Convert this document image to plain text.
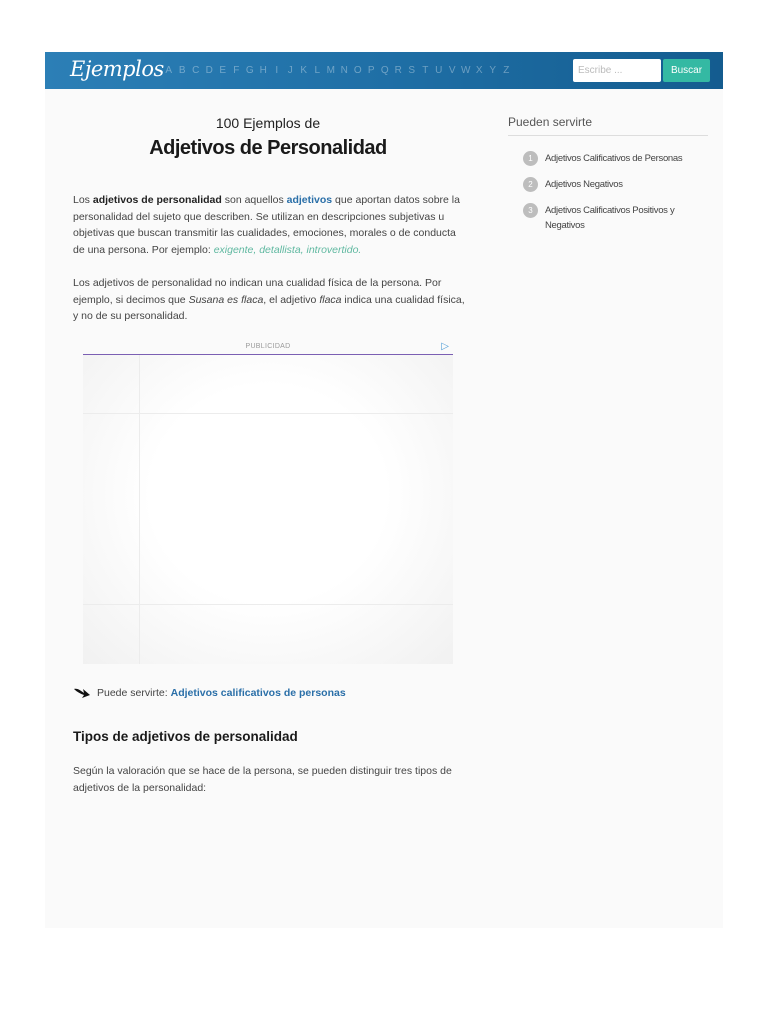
Ejemplos A B C D E F G H I J K L M N O P Q R S T U V W X Y Z
Escribe ...	Buscar
100 Ejemplos de
Adjetivos de Personalidad

Los adjetivos de personalidad son aquellos adjetivos que aportan datos sobre la personalidad del sujeto que describen. Se utilizan en descripciones subjetivas u objetivas que buscan transmitir las cualidades, emociones, morales o de conducta de una persona. Por ejemplo: exigente, detallista, introvertido.

Los adjetivos de personalidad no indican una cualidad física de la persona. Por ejemplo, si decimos que Susana es flaca, el adjetivo flaca indica una cualidad física, y no de su personalidad.

PUBLICIDAD	▷
Puede servirte: Adjetivos calificativos de personas
Tipos de adjetivos de personalidad

Según la valoración que se hace de la persona, se pueden distinguir tres tipos de adjetivos de la personalidad:

Pueden servirte
1	Adjetivos Calificativos de Personas
2	Adjetivos Negativos
3	Adjetivos Calificativos Positivos y Negativos
